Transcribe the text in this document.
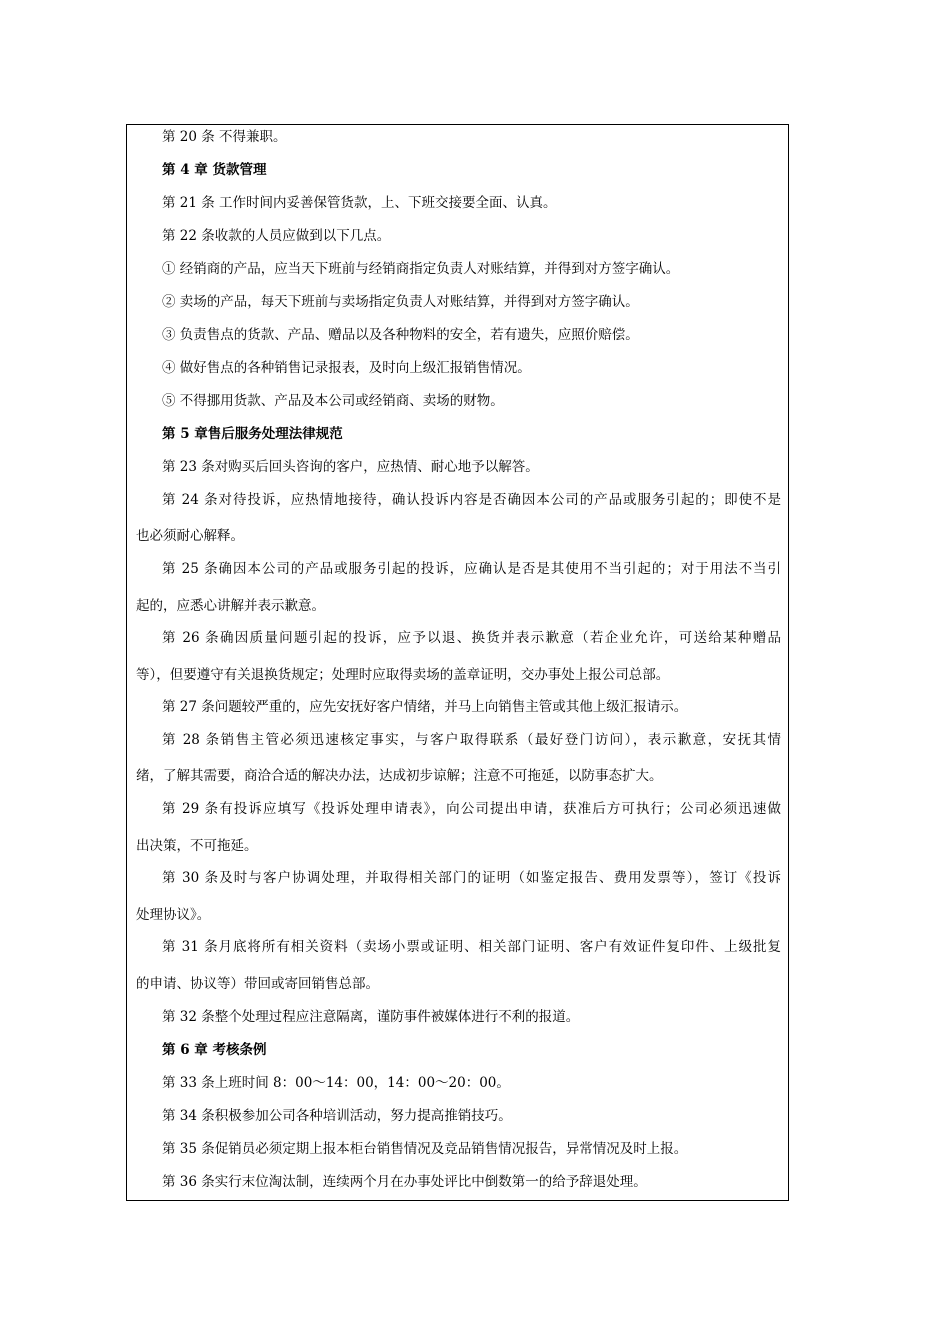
第 20 条 不得兼职。
第 4 章 货款管理
第 21 条 工作时间内妥善保管货款，上、下班交接要全面、认真。
第 22 条收款的人员应做到以下几点。
① 经销商的产品，应当天下班前与经销商指定负责人对账结算，并得到对方签字确认。
② 卖场的产品，每天下班前与卖场指定负责人对账结算，并得到对方签字确认。
③ 负责售点的货款、产品、赠品以及各种物料的安全，若有遗失，应照价赔偿。
④ 做好售点的各种销售记录报表，及时向上级汇报销售情况。
⑤ 不得挪用货款、产品及本公司或经销商、卖场的财物。
第 5 章售后服务处理法律规范
第 23 条对购买后回头咨询的客户，应热情、耐心地予以解答。
第 24 条对待投诉，应热情地接待，确认投诉内容是否确因本公司的产品或服务引起的；即使不是
也必须耐心解释。
第 25 条确因本公司的产品或服务引起的投诉，应确认是否是其使用不当引起的；对于用法不当引
起的，应悉心讲解并表示歉意。
第 26 条确因质量问题引起的投诉，应予以退、换货并表示歉意（若企业允许，可送给某种赠品
等），但要遵守有关退换货规定；处理时应取得卖场的盖章证明，交办事处上报公司总部。
第 27 条问题较严重的，应先安抚好客户情绪，并马上向销售主管或其他上级汇报请示。
第 28 条销售主管必须迅速核定事实，与客户取得联系（最好登门访问），表示歉意，安抚其情
绪，了解其需要，商洽合适的解决办法，达成初步谅解；注意不可拖延，以防事态扩大。
第 29 条有投诉应填写《投诉处理申请表》，向公司提出申请，获准后方可执行；公司必须迅速做
出决策，不可拖延。
第 30 条及时与客户协调处理，并取得相关部门的证明（如鉴定报告、费用发票等），签订《投诉
处理协议》。
第 31 条月底将所有相关资料（卖场小票或证明、相关部门证明、客户有效证件复印件、上级批复
的申请、协议等）带回或寄回销售总部。
第 32 条整个处理过程应注意隔离，谨防事件被媒体进行不利的报道。
第 6 章 考核条例
第 33 条上班时间 8：00～14：00，14：00～20：00。
第 34 条积极参加公司各种培训活动，努力提高推销技巧。
第 35 条促销员必须定期上报本柜台销售情况及竞品销售情况报告，异常情况及时上报。
第 36 条实行末位淘汰制，连续两个月在办事处评比中倒数第一的给予辞退处理。
